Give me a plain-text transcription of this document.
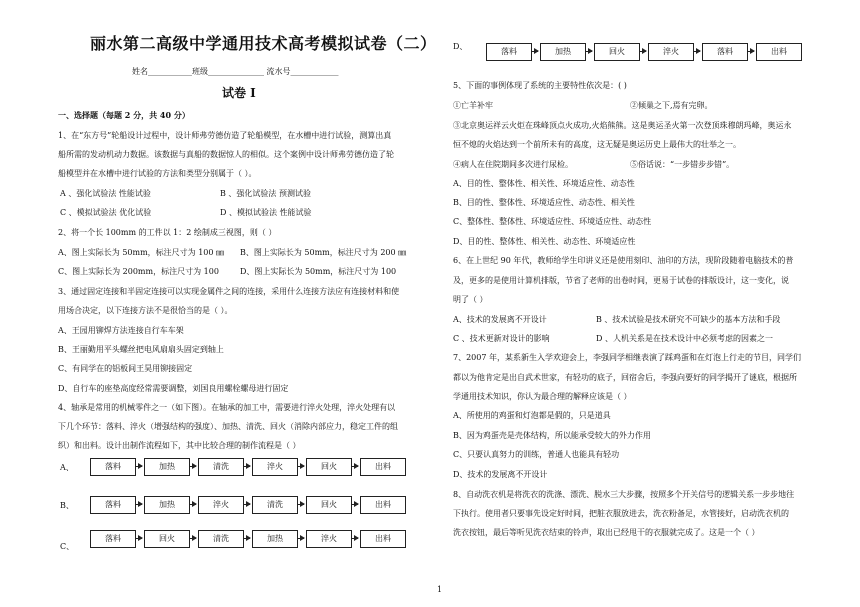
丽水第二高级中学通用技术高考模拟试卷（二）
姓名___________班级______________ 流水号____________
试卷 Ⅰ
一、选择题（每题 2 分，共 40 分）
1、在“东方号”轮船设计过程中，设计师弗劳德仿造了轮船模型，在水槽中进行试验，测算出真
船所需的发动机动力数据。该数据与真船的数据惊人的相似。这个案例中设计师弗劳德仿造了轮
船模型并在水槽中进行试验的方法和类型分别属于（ ）。
A 、强化试验法 性能试验	B 、强化试验法 预测试验
C 、模拟试验法 优化试验	D 、模拟试验法 性能试验
2、将一个长 100mm 的工件以 1：2 绘制成三视图，则（ ）
A、图上实际长为 50mm，标注尺寸为 100 ㎜ B、图上实际长为 50mm，标注尺寸为 200 ㎜
C、图上实际长为 200mm，标注尺寸为 100	D、图上实际长为 50mm，标注尺寸为 100
3、通过固定连接和半固定连接可以实现金属件之间的连接，采用什么连接方法应有连接材料和使
用场合决定，以下连接方法不是很恰当的是（ ）。
A、王园用铆焊方法连接自行车车架
B、王丽勤用平头螺丝把电风扇扇头固定到轴上
C、有同学在的铝板间王昊用铆接固定
D、自行车的座垫高度经常需要调整，刘国良用螺栓螺母进行固定
4、轴承是常用的机械零件之一（如下图）。在轴承的加工中，需要进行淬火处理，淬火处理有以
下几个环节：落料、淬火（增强结构的强度）、加热、清洗、回火（消除内部应力，稳定工件的组
织）和出料。设计出制作流程如下，其中比较合理的制作流程是（ ）
A、
B、
C、
落料	加热	清洗	淬火	回火	出料
落料	加热	淬火	清洗	回火	出料
落料	回火	清洗	加热	淬火	出料
D、
落料	加热	回火	淬火	落料	出料
5、下面的事例体现了系统的主要特性依次是：( )
①亡羊补牢	②倾巢之下,焉有完卵。
③北京奥运祥云火炬在珠峰顶点火成功,火焰熊熊。这是奥运圣火第一次登顶珠穆朗玛峰，奥运永
恒不熄的火焰达到一个前所未有的高度，这无疑是奥运历史上最伟大的壮举之一。
④病人在住院期间多次进行尿检。	⑤俗话说：“一步错步步错”。
A、目的性、整体性、相关性、环境适应性、动态性
B、目的性、整体性、环境适应性、动态性、相关性
C、整体性、整体性、环境适应性、环境适应性、动态性
D、目的性、整体性、相关性、动态性、环境适应性
6、在上世纪 90 年代，教师给学生印讲义还是使用刻印、油印的方法，现阶段随着电脑技术的普
及，更多的是使用计算机排版，节省了老师的出卷时间，更易于试卷的排版设计，这一变化，说
明了（ ）
A、技术的发展离不开设计	B 、技术试验是技术研究不可缺少的基本方法和手段
C 、技术更新对设计的影响	D 、人机关系是在技术设计中必须考虑的因素之一
7、2007 年，某系新生入学欢迎会上，李强同学相继表演了踩鸡蛋和在灯泡上行走的节目，同学们
都以为他肯定是出自武术世家，有轻功的底子，回宿舍后，李强向要好的同学揭开了谜底，根据所
学通用技术知识，你认为最合理的解释应该是（ ）
A、所使用的鸡蛋和灯泡都是假的，只是道具
B、因为鸡蛋壳是壳体结构，所以能承受较大的外力作用
C、只要认真努力的训练，普通人也能具有轻功
D、技术的发展离不开设计
8、自动洗衣机是将洗衣的洗涤、漂洗、脱水三大步骤，按照多个开关信号的逻辑关系一步步地往
下执行。使用者只要事先设定好时间，把脏衣服放进去，洗衣粉备足，水管接好，启动洗衣机的
洗衣按钮，最后等听见洗衣结束的铃声，取出已经甩干的衣服就完成了。这是一个（ ）
1
